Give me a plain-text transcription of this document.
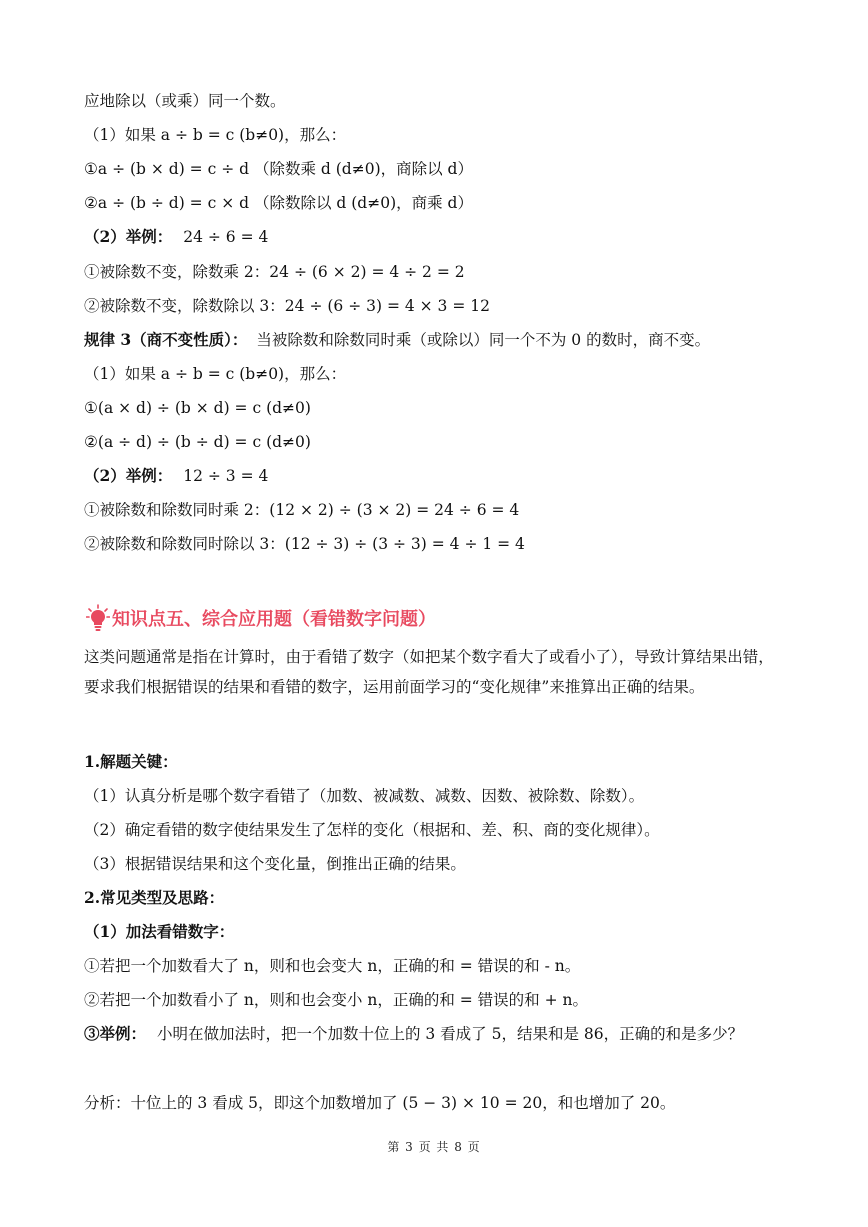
应地除以（或乘）同一个数。
（1）如果 a ÷ b = c (b≠0)，那么：
①a ÷ (b × d) = c ÷ d （除数乘 d (d≠0)，商除以 d）
②a ÷ (b ÷ d) = c × d （除数除以 d (d≠0)，商乘 d）
（2）举例： 24 ÷ 6 = 4
①被除数不变，除数乘 2：24 ÷ (6 × 2) = 4 ÷ 2 = 2
②被除数不变，除数除以 3：24 ÷ (6 ÷ 3) = 4 × 3 = 12
规律 3（商不变性质）： 当被除数和除数同时乘（或除以）同一个不为 0 的数时，商不变。
（1）如果 a ÷ b = c (b≠0)，那么：
①(a × d) ÷ (b × d) = c (d≠0)
②(a ÷ d) ÷ (b ÷ d) = c (d≠0)
（2）举例： 12 ÷ 3 = 4
①被除数和除数同时乘 2：(12 × 2) ÷ (3 × 2) = 24 ÷ 6 = 4
②被除数和除数同时除以 3：(12 ÷ 3) ÷ (3 ÷ 3) = 4 ÷ 1 = 4
知识点五、综合应用题（看错数字问题）
这类问题通常是指在计算时，由于看错了数字（如把某个数字看大了或看小了），导致计算结果出错，要求我们根据错误的结果和看错的数字，运用前面学习的“变化规律”来推算出正确的结果。
1.解题关键：
（1）认真分析是哪个数字看错了（加数、被减数、减数、因数、被除数、除数）。
（2）确定看错的数字使结果发生了怎样的变化（根据和、差、积、商的变化规律）。
（3）根据错误结果和这个变化量，倒推出正确的结果。
2.常见类型及思路：
（1）加法看错数字：
①若把一个加数看大了 n，则和也会变大 n，正确的和 = 错误的和 - n。
②若把一个加数看小了 n，则和也会变小 n，正确的和 = 错误的和 + n。
③举例： 小明在做加法时，把一个加数十位上的 3 看成了 5，结果和是 86，正确的和是多少？
分析：十位上的 3 看成 5，即这个加数增加了 (5 − 3) × 10 = 20，和也增加了 20。
第 3 页 共 8 页
